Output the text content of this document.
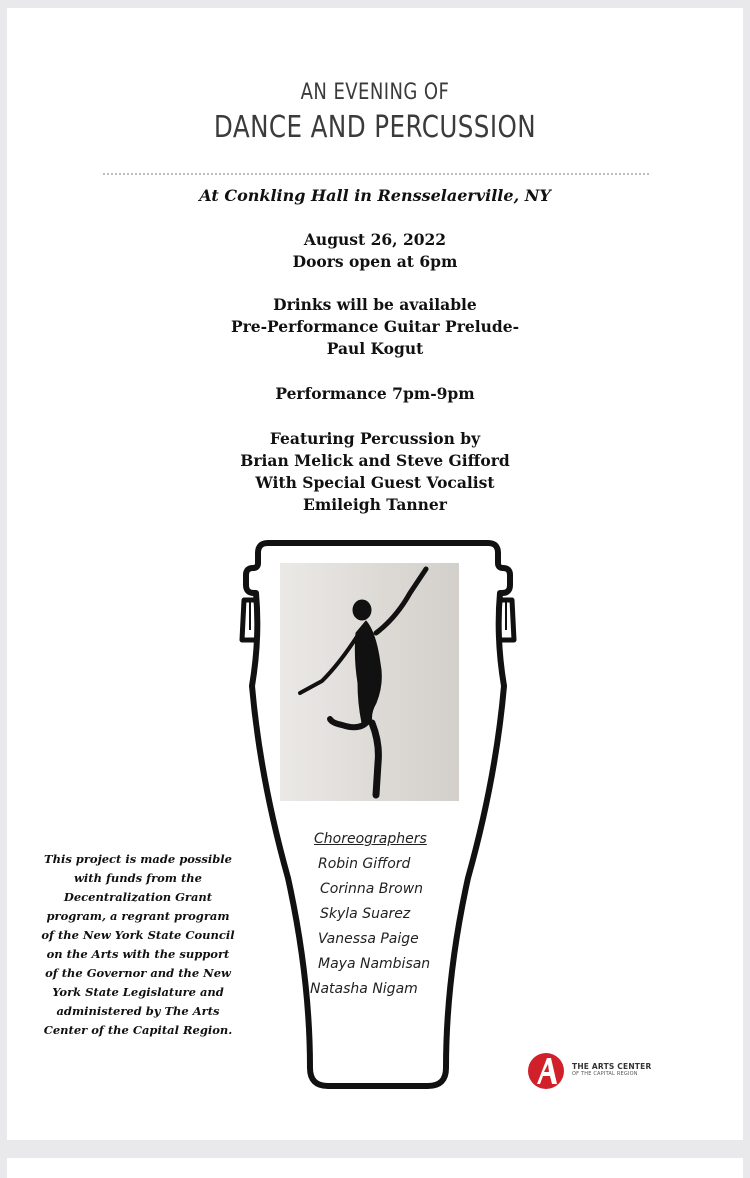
AN EVENING OF
DANCE AND PERCUSSION
At Conkling Hall in Rensselaerville, NY
August 26, 2022
Doors open at 6pm
Drinks will be available
Pre-Performance Guitar Prelude-
Paul Kogut
Performance 7pm-9pm
Featuring Percussion by
Brian Melick and Steve Gifford
With Special Guest Vocalist
Emileigh Tanner
Choreographers
Robin Gifford
Corinna Brown
Skyla Suarez
Vanessa Paige
Maya Nambisan
Natasha Nigam
This project is made possible
with funds from the
Decentralization Grant
program, a regrant program
of the New York State Council
on the Arts with the support
of the Governor and the New
York State Legislature and
administered by The Arts
Center of the Capital Region.
THE ARTS CENTER
OF THE CAPITAL REGION
